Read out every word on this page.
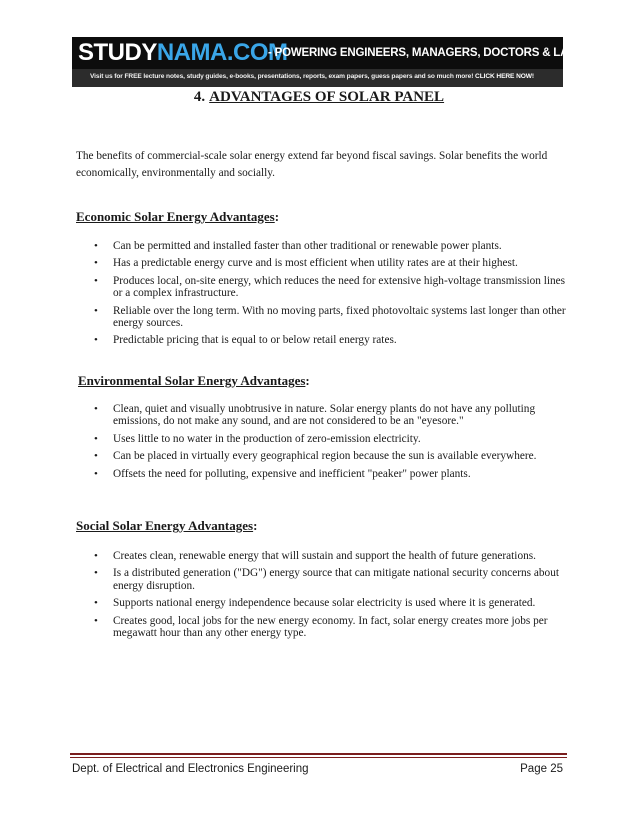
STUDYNAMA.COM
- POWERING ENGINEERS, MANAGERS, DOCTORS & LAWYERS.
Visit us for FREE lecture notes, study guides, e-books, presentations, reports, exam papers, guess papers and so much more! CLICK HERE NOW!
4. ADVANTAGES OF SOLAR PANEL

The benefits of commercial-scale solar energy extend far beyond fiscal savings. Solar benefits the world economically, environmentally and socially.

Economic Solar Energy Advantages:
• Can be permitted and installed faster than other traditional or renewable power plants.
• Has a predictable energy curve and is most efficient when utility rates are at their highest.
• Produces local, on-site energy, which reduces the need for extensive high-voltage transmission lines or a complex infrastructure.
• Reliable over the long term. With no moving parts, fixed photovoltaic systems last longer than other energy sources.
• Predictable pricing that is equal to or below retail energy rates.
Environmental Solar Energy Advantages:
• Clean, quiet and visually unobtrusive in nature. Solar energy plants do not have any polluting emissions, do not make any sound, and are not considered to be an "eyesore."
• Uses little to no water in the production of zero-emission electricity.
• Can be placed in virtually every geographical region because the sun is available everywhere.
• Offsets the need for polluting, expensive and inefficient "peaker" power plants.
Social Solar Energy Advantages:
• Creates clean, renewable energy that will sustain and support the health of future generations.
• Is a distributed generation ("DG") energy source that can mitigate national security concerns about energy disruption.
• Supports national energy independence because solar electricity is used where it is generated.
• Creates good, local jobs for the new energy economy. In fact, solar energy creates more jobs per megawatt hour than any other energy type.
Dept. of Electrical and Electronics Engineering	Page 25
